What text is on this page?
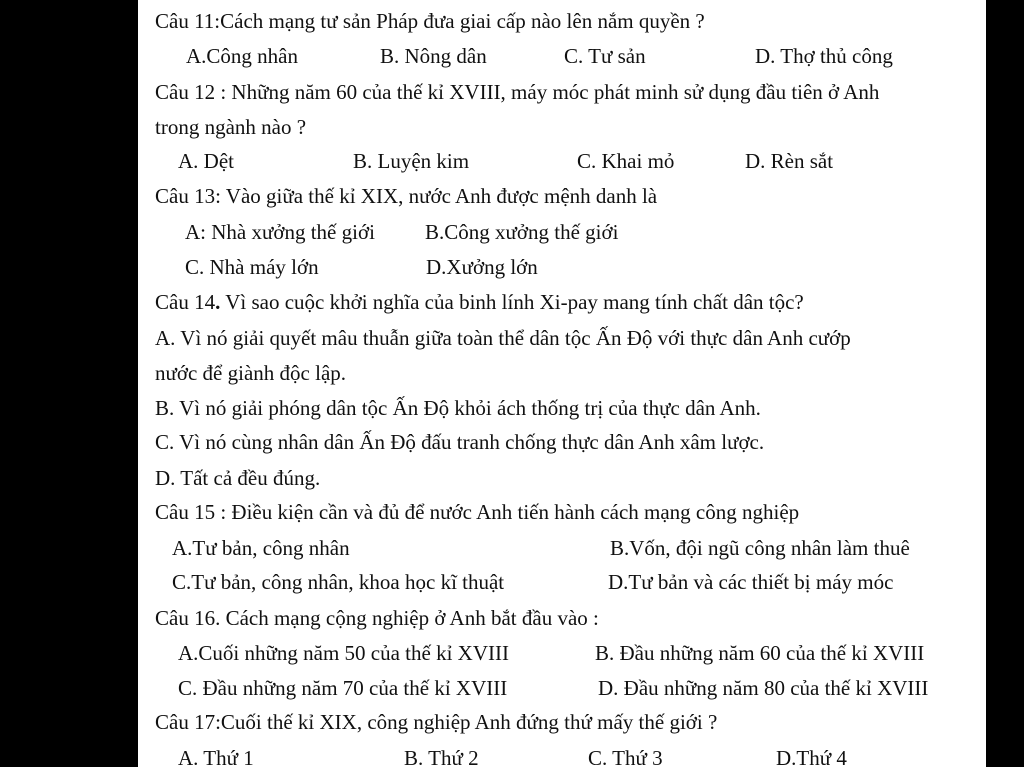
Câu 11:Cách mạng tư sản Pháp đưa giai cấp nào lên nắm quyền ?
A.Công nhân	B. Nông dân	C. Tư sản	D. Thợ thủ công
Câu 12 : Những năm 60 của thế kỉ XVIII, máy móc phát minh sử dụng đầu tiên ở Anh
trong ngành nào ?
A. Dệt	B. Luyện kim	C. Khai mỏ	D. Rèn sắt
Câu 13: Vào giữa thế kỉ XIX, nước Anh được mệnh danh là
A: Nhà xưởng thế giới B.Công xưởng thế giới
C. Nhà máy lớn	D.Xưởng lớn
Câu 14. Vì sao cuộc khởi nghĩa của binh lính Xi-pay mang tính chất dân tộc?
A. Vì nó giải quyết mâu thuẫn giữa toàn thể dân tộc Ấn Độ với thực dân Anh cướp
nước để giành độc lập.
B. Vì nó giải phóng dân tộc Ấn Độ khỏi ách thống trị của thực dân Anh.
C. Vì nó cùng nhân dân Ấn Độ đấu tranh chống thực dân Anh xâm lược.
D. Tất cả đều đúng.
Câu 15 : Điều kiện cần và đủ để nước Anh tiến hành cách mạng công nghiệp
A.Tư bản, công nhân	B.Vốn, đội ngũ công nhân làm thuê
C.Tư bản, công nhân, khoa học kĩ thuật	D.Tư bản và các thiết bị máy móc
Câu 16. Cách mạng cộng nghiệp ở Anh bắt đầu vào :
A.Cuối những năm 50 của thế kỉ XVIII	B. Đầu những năm 60 của thế kỉ XVIII
C. Đầu những năm 70 của thế kỉ XVIII	D. Đầu những năm 80 của thế kỉ XVIII
Câu 17:Cuối thế kỉ XIX, công nghiệp Anh đứng thứ mấy thế giới ?
A. Thứ 1	B. Thứ 2	C. Thứ 3	D.Thứ 4
